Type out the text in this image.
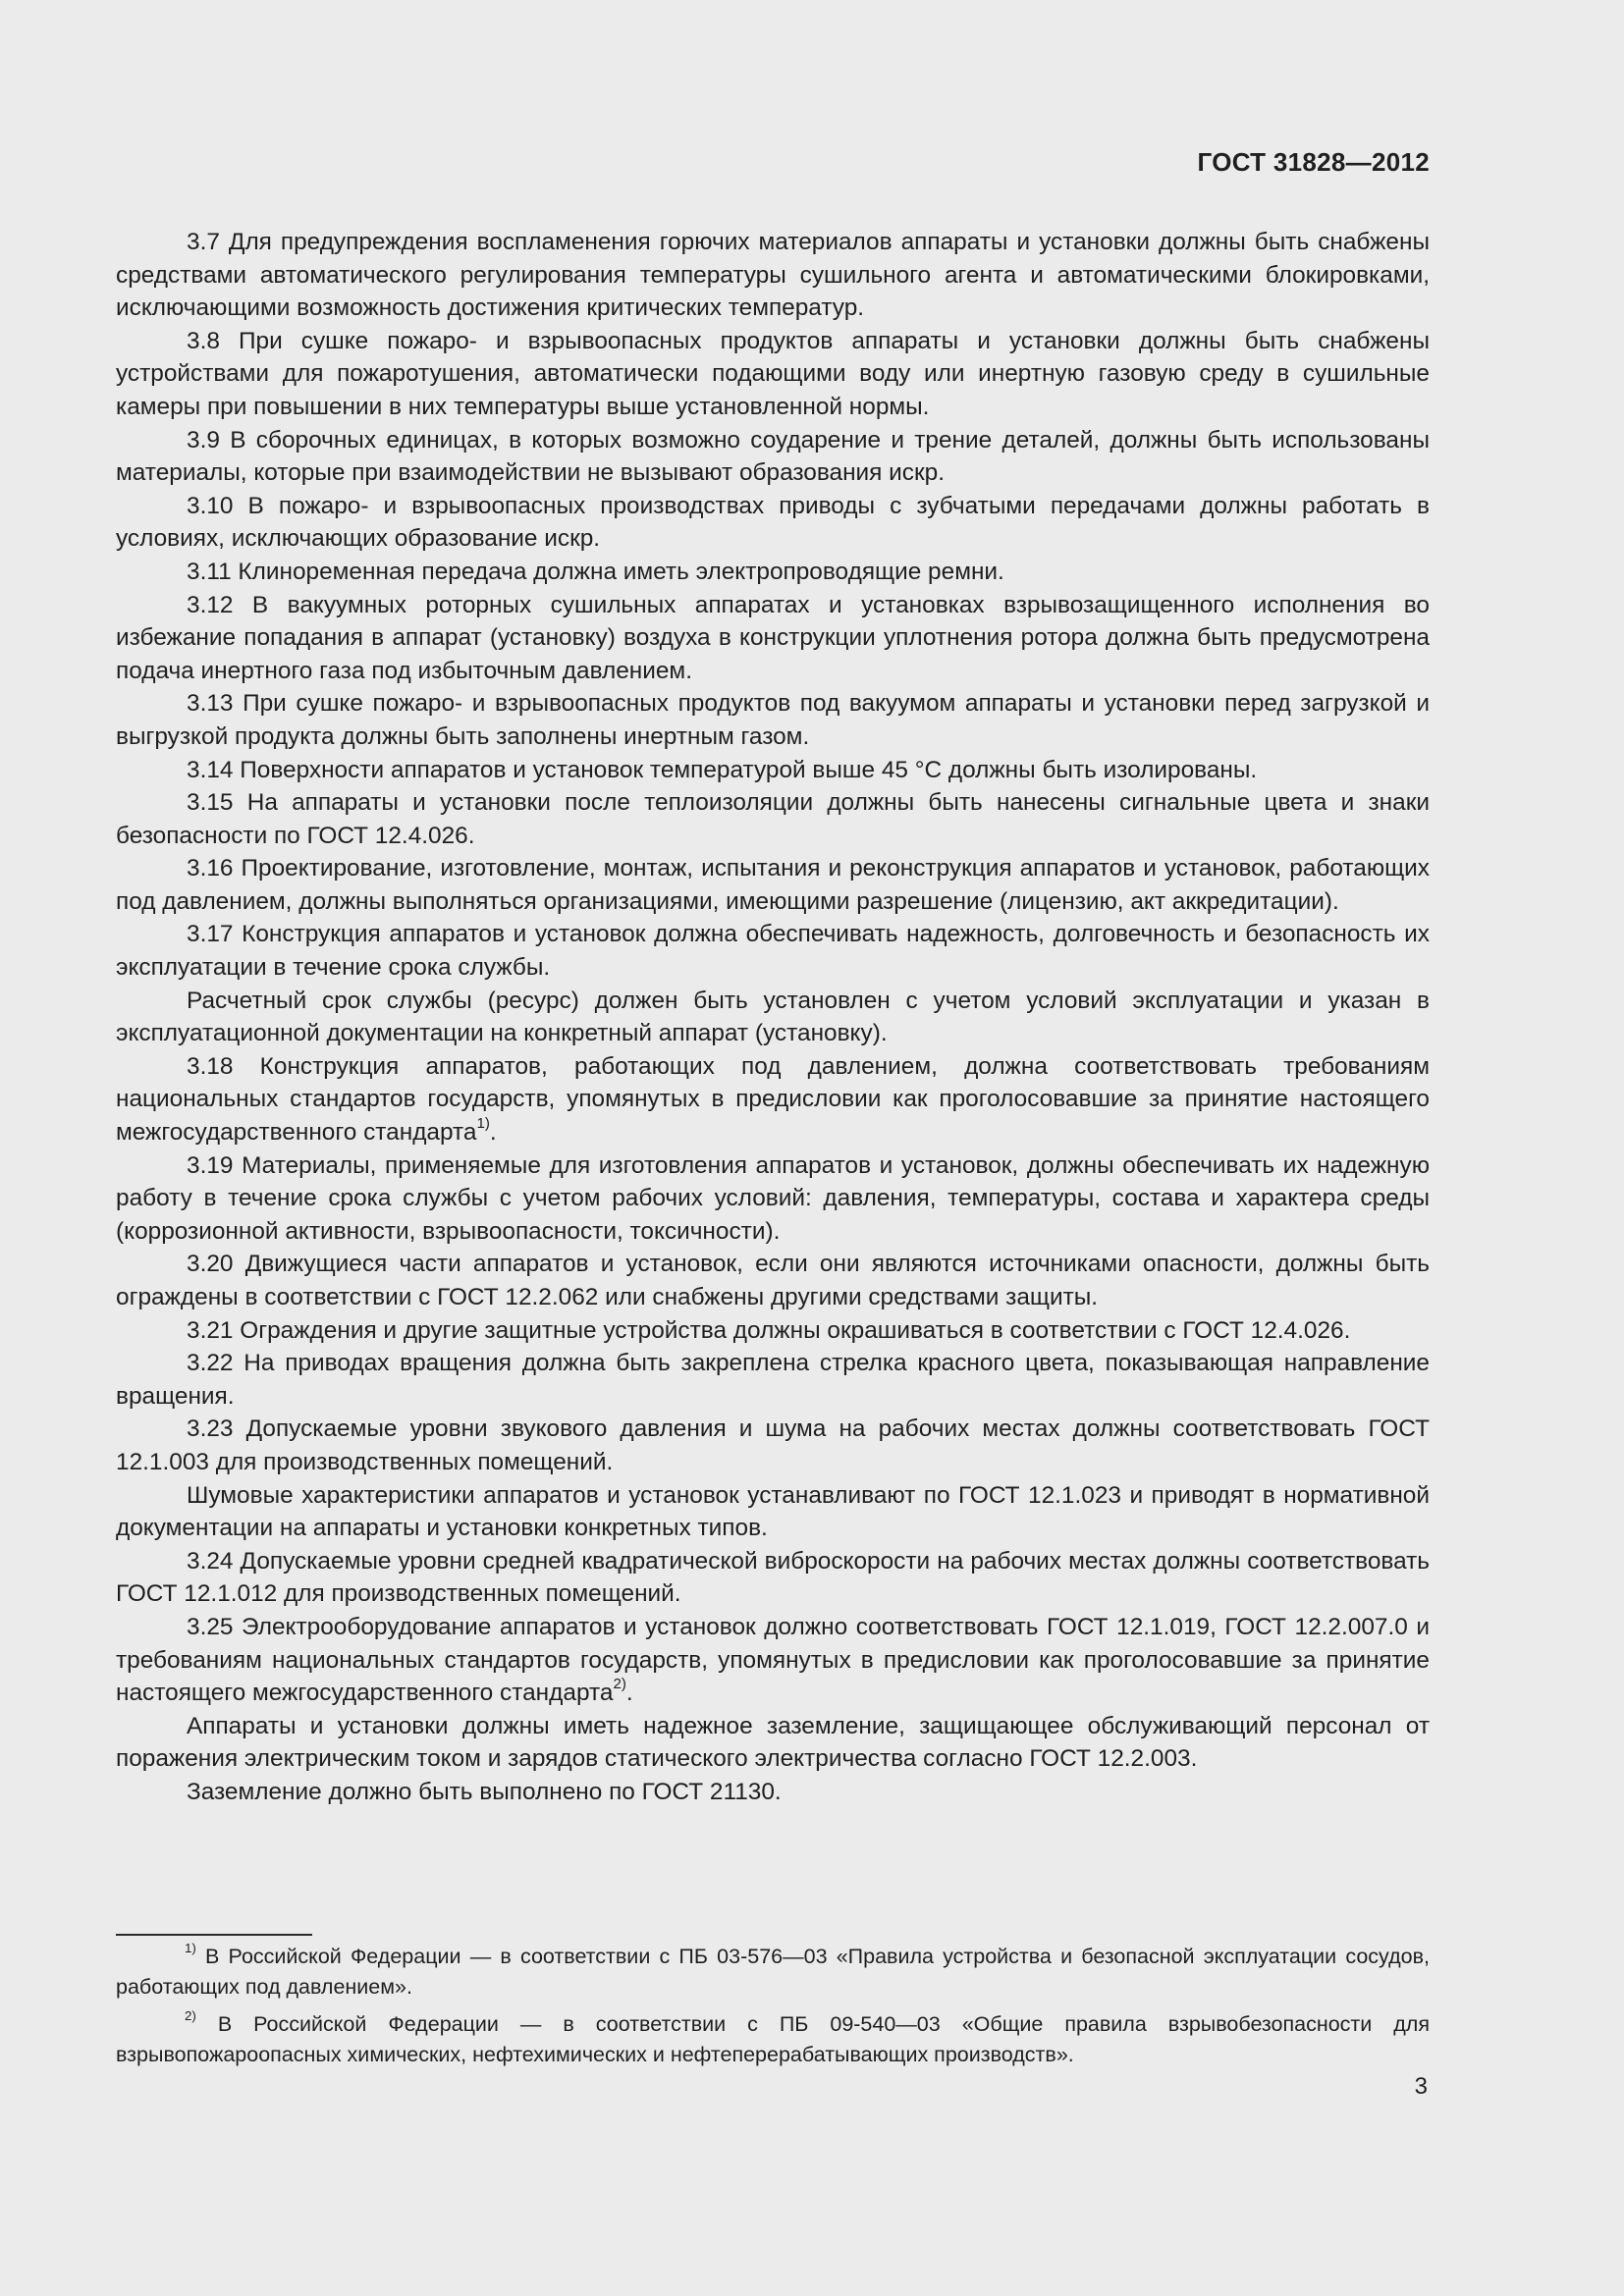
ГОСТ 31828—2012

3.7 Для предупреждения воспламенения горючих материалов аппараты и установки должны быть снабжены средствами автоматического регулирования температуры сушильного агента и автоматическими блокировками, исключающими возможность достижения критических температур.

3.8 При сушке пожаро- и взрывоопасных продуктов аппараты и установки должны быть снабжены устройствами для пожаротушения, автоматически подающими воду или инертную газовую среду в сушильные камеры при повышении в них температуры выше установленной нормы.

3.9 В сборочных единицах, в которых возможно соударение и трение деталей, должны быть использованы материалы, которые при взаимодействии не вызывают образования искр.

3.10 В пожаро- и взрывоопасных производствах приводы с зубчатыми передачами должны работать в условиях, исключающих образование искр.

3.11 Клиноременная передача должна иметь электропроводящие ремни.

3.12 В вакуумных роторных сушильных аппаратах и установках взрывозащищенного исполнения во избежание попадания в аппарат (установку) воздуха в конструкции уплотнения ротора должна быть предусмотрена подача инертного газа под избыточным давлением.

3.13 При сушке пожаро- и взрывоопасных продуктов под вакуумом аппараты и установки перед загрузкой и выгрузкой продукта должны быть заполнены инертным газом.

3.14 Поверхности аппаратов и установок температурой выше 45 °С должны быть изолированы.

3.15 На аппараты и установки после теплоизоляции должны быть нанесены сигнальные цвета и знаки безопасности по ГОСТ 12.4.026.

3.16 Проектирование, изготовление, монтаж, испытания и реконструкция аппаратов и установок, работающих под давлением, должны выполняться организациями, имеющими разрешение (лицензию, акт аккредитации).

3.17 Конструкция аппаратов и установок должна обеспечивать надежность, долговечность и безопасность их эксплуатации в течение срока службы.

Расчетный срок службы (ресурс) должен быть установлен с учетом условий эксплуатации и указан в эксплуатационной документации на конкретный аппарат (установку).

3.18 Конструкция аппаратов, работающих под давлением, должна соответствовать требованиям национальных стандартов государств, упомянутых в предисловии как проголосовавшие за принятие настоящего межгосударственного стандарта$^{1)}$.

3.19 Материалы, применяемые для изготовления аппаратов и установок, должны обеспечивать их надежную работу в течение срока службы с учетом рабочих условий: давления, температуры, состава и характера среды (коррозионной активности, взрывоопасности, токсичности).

3.20 Движущиеся части аппаратов и установок, если они являются источниками опасности, должны быть ограждены в соответствии с ГОСТ 12.2.062 или снабжены другими средствами защиты.

3.21 Ограждения и другие защитные устройства должны окрашиваться в соответствии с ГОСТ 12.4.026.

3.22 На приводах вращения должна быть закреплена стрелка красного цвета, показывающая направление вращения.

3.23 Допускаемые уровни звукового давления и шума на рабочих местах должны соответствовать ГОСТ 12.1.003 для производственных помещений.

Шумовые характеристики аппаратов и установок устанавливают по ГОСТ 12.1.023 и приводят в нормативной документации на аппараты и установки конкретных типов.

3.24 Допускаемые уровни средней квадратической виброскорости на рабочих местах должны соответствовать ГОСТ 12.1.012 для производственных помещений.

3.25 Электрооборудование аппаратов и установок должно соответствовать ГОСТ 12.1.019, ГОСТ 12.2.007.0 и требованиям национальных стандартов государств, упомянутых в предисловии как проголосовавшие за принятие настоящего межгосударственного стандарта$^{2)}$.

Аппараты и установки должны иметь надежное заземление, защищающее обслуживающий персонал от поражения электрическим током и зарядов статического электричества согласно ГОСТ 12.2.003.

Заземление должно быть выполнено по ГОСТ 21130.

$^{1)}$ В Российской Федерации — в соответствии с ПБ 03-576—03 «Правила устройства и безопасной эксплуатации сосудов, работающих под давлением».

$^{2)}$ В Российской Федерации — в соответствии с ПБ 09-540—03 «Общие правила взрывобезопасности для взрывопожароопасных химических, нефтехимических и нефтеперерабатывающих производств».

3
